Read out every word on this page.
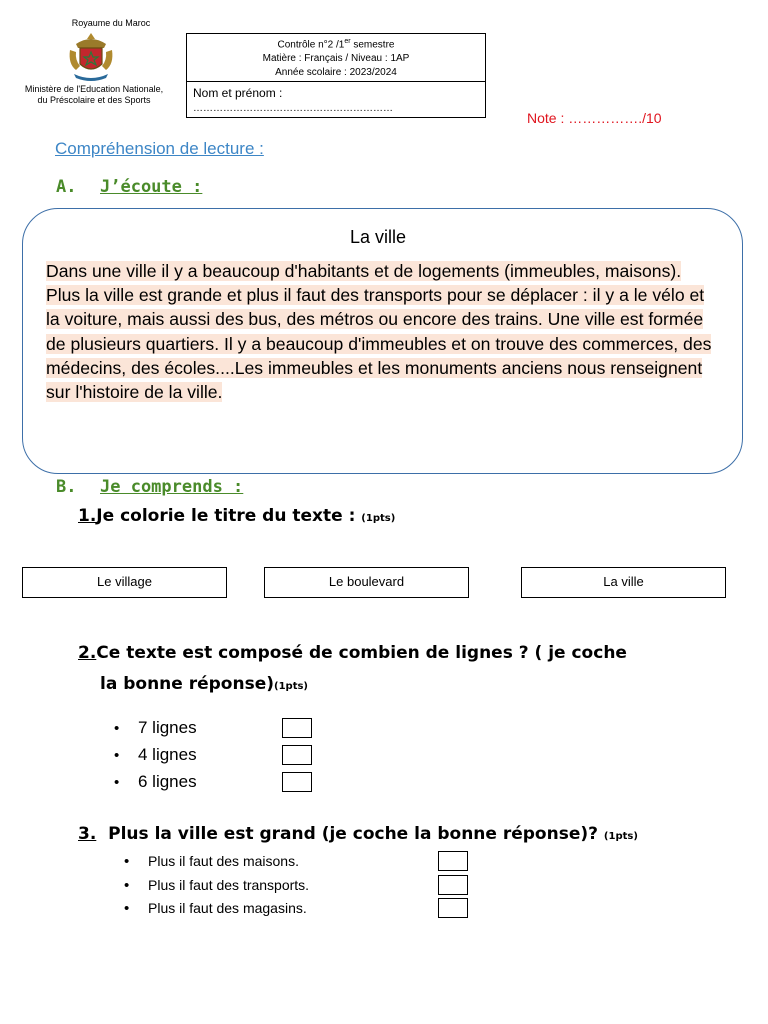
Royaume du Maroc
Ministère de l'Education Nationale,
du Préscolaire et des Sports
Contrôle n°2 /1er semestre
Matière : Français / Niveau : 1AP
Année scolaire : 2023/2024
Nom et prénom :
……………………………………………………
Note : ……………./10
Compréhension de lecture :
A. J’écoute :
La ville
Dans une ville il y a beaucoup d'habitants et de logements (immeubles, maisons). Plus la ville est grande et plus il faut des transports pour se déplacer : il y a le vélo et la voiture, mais aussi des bus, des métros ou encore des trains. Une ville est formée de plusieurs quartiers. Il y a beaucoup d'immeubles et on trouve des commerces, des médecins, des écoles....Les immeubles et les monuments anciens nous renseignent sur l'histoire de la ville.
B. Je comprends :
1.Je colorie le titre du texte : (1pts)
Le village	Le boulevard	La ville
2.Ce texte est composé de combien de lignes ? ( je coche
la bonne réponse)(1pts)
•	7 lignes
•	4 lignes
•	6 lignes
3. Plus la ville est grand (je coche la bonne réponse)? (1pts)
•	Plus il faut des maisons.
•	Plus il faut des transports.
•	Plus il faut des magasins.
